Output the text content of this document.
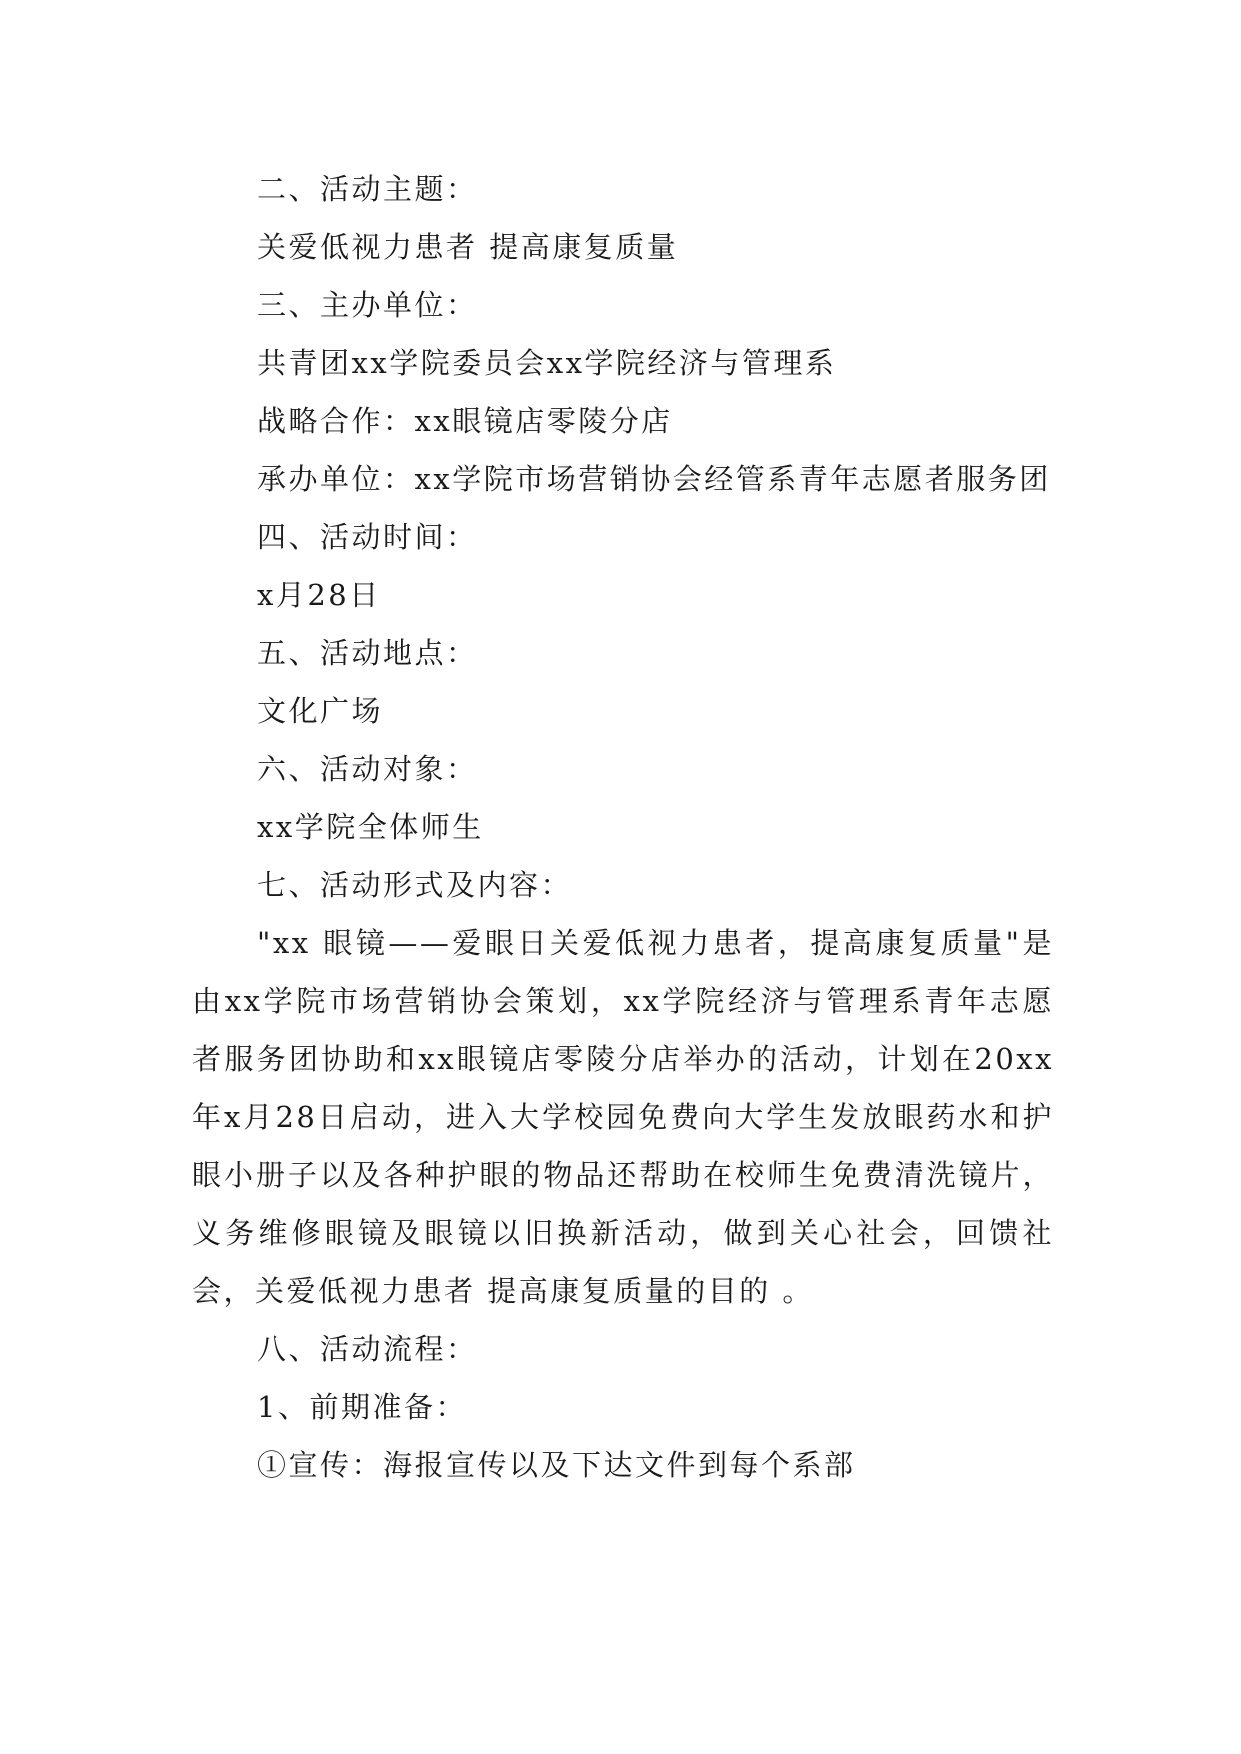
二、活动主题：

关爱低视力患者 提高康复质量

三、主办单位：

共青团xx学院委员会xx学院经济与管理系

战略合作：xx眼镜店零陵分店

承办单位：xx学院市场营销协会经管系青年志愿者服务团

四、活动时间：

x月28日

五、活动地点：

文化广场

六、活动对象：

xx学院全体师生

七、活动形式及内容：

"xx 眼镜——爱眼日关爱低视力患者，提高康复质量"是由xx学院市场营销协会策划，xx学院经济与管理系青年志愿者服务团协助和xx眼镜店零陵分店举办的活动，计划在20xx年x月28日启动，进入大学校园免费向大学生发放眼药水和护眼小册子以及各种护眼的物品还帮助在校师生免费清洗镜片，义务维修眼镜及眼镜以旧换新活动，做到关心社会，回馈社会，关爱低视力患者 提高康复质量的目的 。

八、活动流程：

1、前期准备：

①宣传：海报宣传以及下达文件到每个系部
